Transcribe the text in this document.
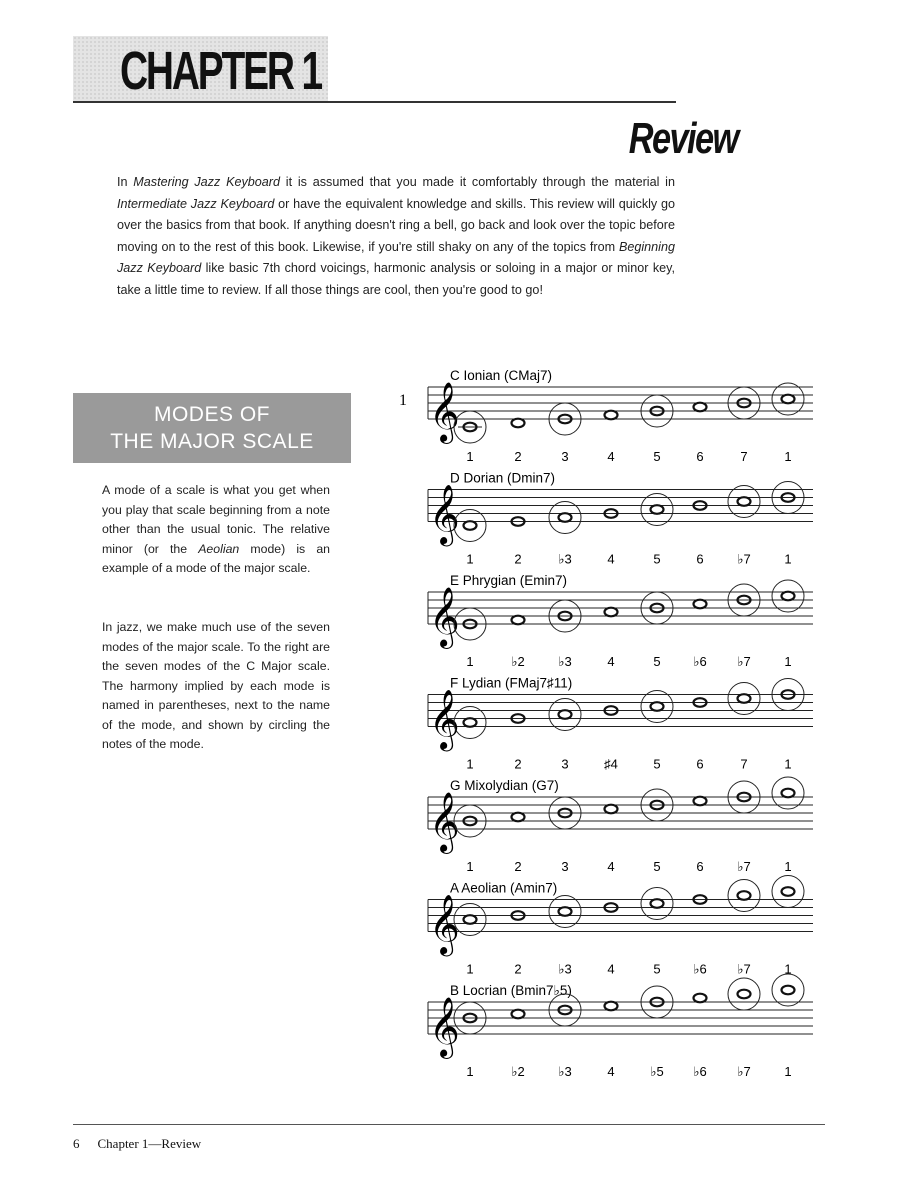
CHAPTER 1
Review
In Mastering Jazz Keyboard it is assumed that you made it comfortably through the material in Intermediate Jazz Keyboard or have the equivalent knowledge and skills. This review will quickly go over the basics from that book. If anything doesn't ring a bell, go back and look over the topic before moving on to the rest of this book. Likewise, if you're still shaky on any of the topics from Beginning Jazz Keyboard like basic 7th chord voicings, harmonic analysis or soloing in a major or minor key, take a little time to review. If all those things are cool, then you're good to go!
MODES OF
THE MAJOR SCALE
A mode of a scale is what you get when you play that scale beginning from a note other than the usual tonic. The relative minor (or the Aeolian mode) is an example of a mode of the major scale.
In jazz, we make much use of the seven modes of the major scale. To the right are the seven modes of the C Major scale. The harmony implied by each mode is named in parentheses, next to the name of the mode, and shown by circling the notes of the mode.
1
C Ionian (CMaj7)
𝄞
1	2	3	4	5	6	7	1
D Dorian (Dmin7)
𝄞
1	2	♭3	4	5	6	♭7	1
E Phrygian (Emin7)
𝄞
1	♭2	♭3	4	5	♭6 ♭7	1
F Lydian (FMaj7♯11)
𝄞
1	2	3	♯4	5	6	7	1
G Mixolydian (G7)
𝄞
1	2	3	4	5	6	♭7	1
A Aeolian (Amin7)
𝄞
1	2	♭3	4	5	♭6 ♭7	1
B Locrian (Bmin7♭5)
𝄞
1	♭2	♭3	4	♭5 ♭6 ♭7	1
6 Chapter 1—Review
